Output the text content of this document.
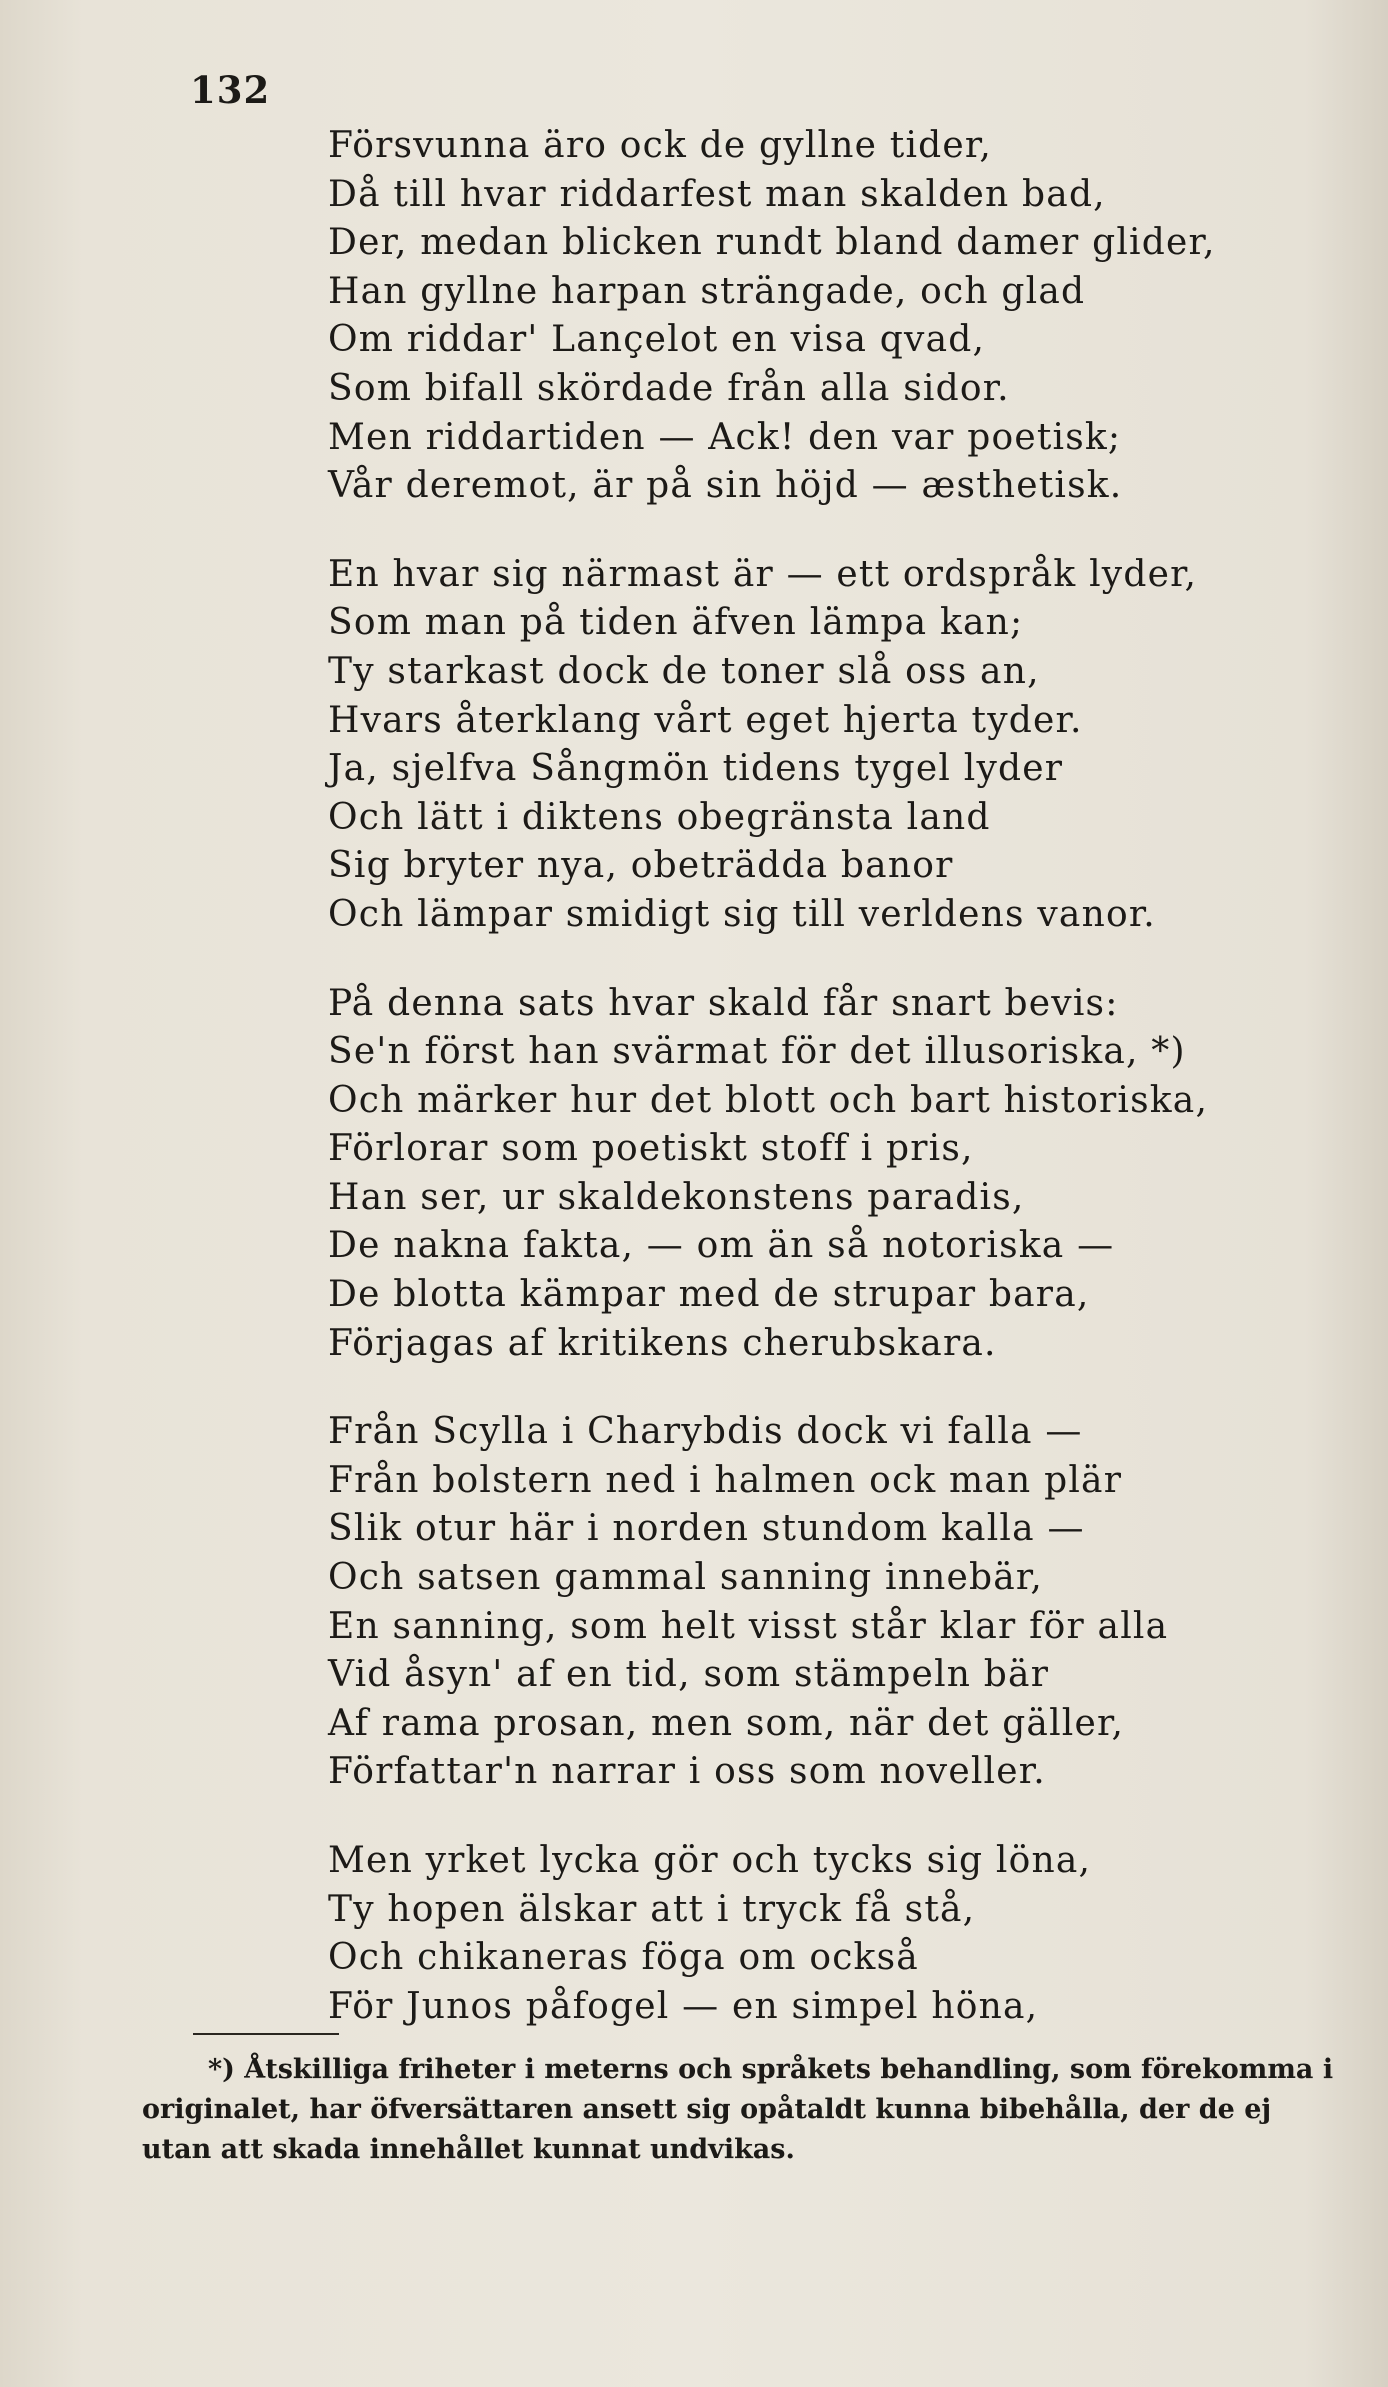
132
Försvunna äro ock de gyllne tider,
Då till hvar riddarfest man skalden bad,
Der, medan blicken rundt bland damer glider,
Han gyllne harpan strängade, och glad
Om riddar' Lançelot en visa qvad,
Som bifall skördade från alla sidor.
Men riddartiden — Ack! den var poetisk;
Vår deremot, är på sin höjd — æsthetisk.
En hvar sig närmast är — ett ordspråk lyder,
Som man på tiden äfven lämpa kan;
Ty starkast dock de toner slå oss an,
Hvars återklang vårt eget hjerta tyder.
Ja, sjelfva Sångmön tidens tygel lyder
Och lätt i diktens obegränsta land
Sig bryter nya, obeträdda banor
Och lämpar smidigt sig till verldens vanor.
På denna sats hvar skald får snart bevis:
Se'n först han svärmat för det illusoriska, *)
Och märker hur det blott och bart historiska,
Förlorar som poetiskt stoff i pris,
Han ser, ur skaldekonstens paradis,
De nakna fakta, — om än så notoriska —
De blotta kämpar med de strupar bara,
Förjagas af kritikens cherubskara.
Från Scylla i Charybdis dock vi falla —
Från bolstern ned i halmen ock man plär
Slik otur här i norden stundom kalla —
Och satsen gammal sanning innebär,
En sanning, som helt visst står klar för alla
Vid åsyn' af en tid, som stämpeln bär
Af rama prosan, men som, när det gäller,
Författar'n narrar i oss som noveller.
Men yrket lycka gör och tycks sig löna,
Ty hopen älskar att i tryck få stå,
Och chikaneras föga om också
För Junos påfogel — en simpel höna,
*) Åtskilliga friheter i meterns och språkets behandling, som förekomma i
originalet, har öfversättaren ansett sig opåtaldt kunna bibehålla, der de ej
utan att skada innehållet kunnat undvikas.
